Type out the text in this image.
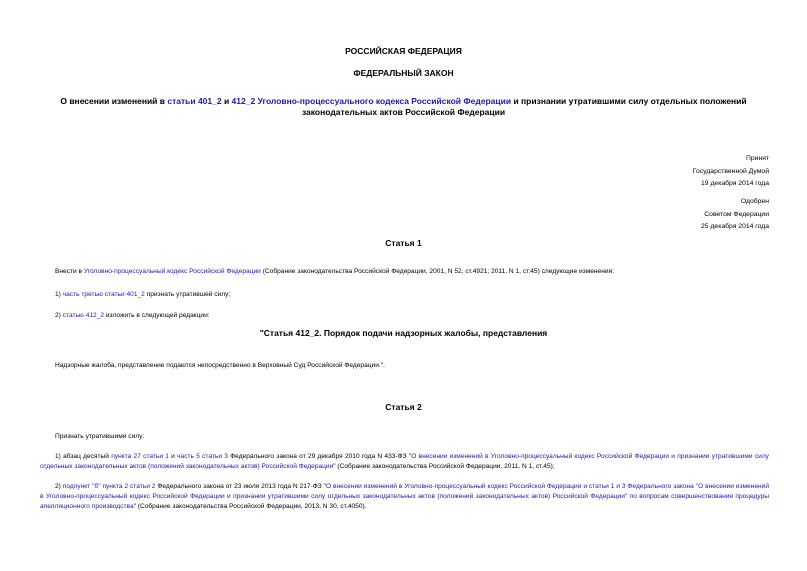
РОССИЙСКАЯ ФЕДЕРАЦИЯ
ФЕДЕРАЛЬНЫЙ ЗАКОН
О внесении изменений в статьи 401_2 и 412_2 Уголовно-процессуального кодекса Российской Федерации и признании утратившими силу отдельных положений законодательных актов Российской Федерации
Принят
Государственной Думой
19 декабря 2014 года
Одобрен
Советом Федерации
25 декабря 2014 года
Статья 1
Внести в Уголовно-процессуальный кодекс Российской Федерации (Собрание законодательства Российской Федерации, 2001, N 52, ст.4921; 2011, N 1, ст.45) следующие изменения:
1) часть третью статьи 401_2 признать утратившей силу;
2) статью 412_2 изложить в следующей редакции:
"Статья 412_2. Порядок подачи надзорных жалобы, представления
Надзорные жалоба, представление подаются непосредственно в Верховный Суд Российской Федерации.".
Статья 2
Признать утратившими силу:
1) абзац десятый пункта 27 статьи 1 и часть 5 статьи 3 Федерального закона от 29 декабря 2010 года N 433-ФЗ "О внесении изменений в Уголовно-процессуальный кодекс Российской Федерации и признании утратившими силу отдельных законодательных актов (положений законодательных актов) Российской Федерации" (Собрание законодательства Российской Федерации, 2011, N 1, ст.45);
2) подпункт "б" пункта 2 статьи 2 Федерального закона от 23 июля 2013 года N 217-ФЗ "О внесении изменений в Уголовно-процессуальный кодекс Российской Федерации и статьи 1 и 3 Федерального закона "О внесении изменений в Уголовно-процессуальный кодекс Российской Федерации и признании утратившими силу отдельных законодательных актов (положений законодательных актов) Российской Федерации" по вопросам совершенствования процедуры апелляционного производства" (Собрание законодательства Российской Федерации, 2013, N 30, ст.4050).
